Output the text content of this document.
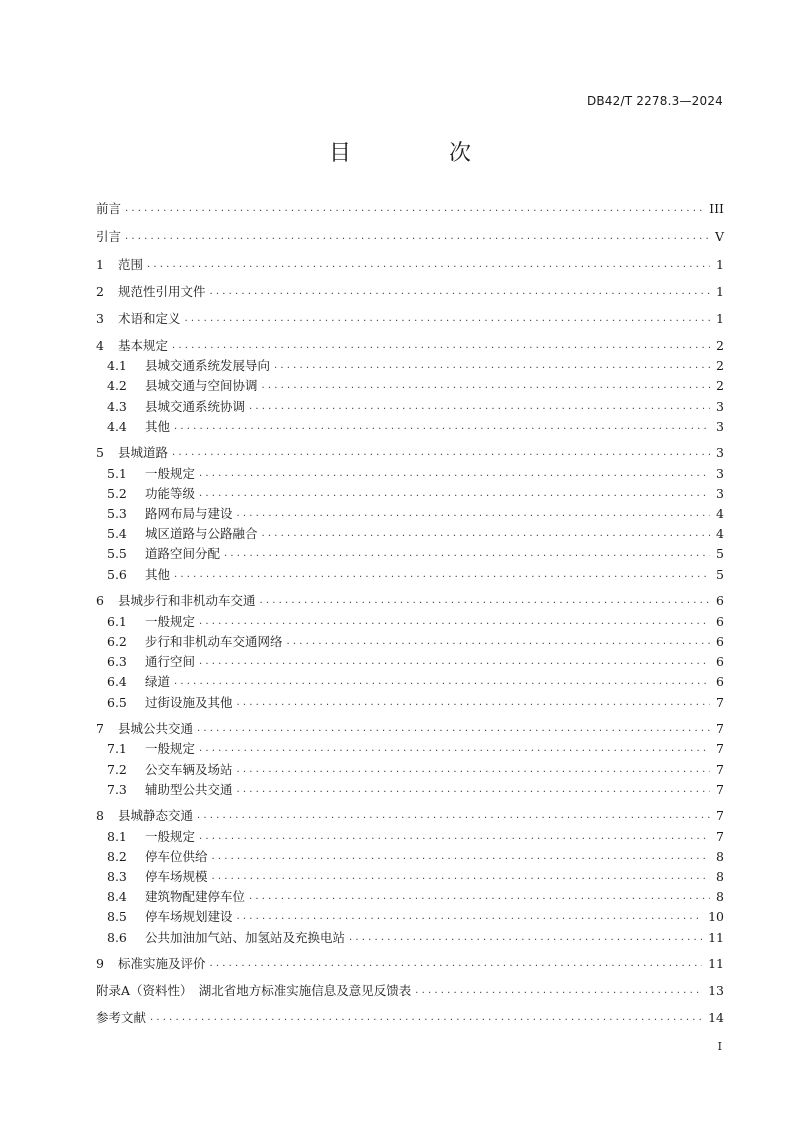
DB42/T 2278.3—2024
目　次
前言 .....	III
引言 .....	V
1	范围 .....	1
2	规范性引用文件 .....	1
3	术语和定义 .....	1
4	基本规定 .....	2
4.1	县城交通系统发展导向 .....	2
4.2	县城交通与空间协调 .....	2
4.3	县城交通系统协调 .....	3
4.4	其他 .....	3
5	县城道路 .....	3
5.1	一般规定 .....	3
5.2	功能等级 .....	3
5.3	路网布局与建设 .....	4
5.4	城区道路与公路融合 .....	4
5.5	道路空间分配 .....	5
5.6	其他 .....	5
6	县城步行和非机动车交通 .....	6
6.1	一般规定 .....	6
6.2	步行和非机动车交通网络 .....	6
6.3	通行空间 .....	6
6.4	绿道 .....	6
6.5	过街设施及其他 .....	7
7	县城公共交通 .....	7
7.1	一般规定 .....	7
7.2	公交车辆及场站 .....	7
7.3	辅助型公共交通 .....	7
8	县城静态交通 .....	7
8.1	一般规定 .....	7
8.2	停车位供给 .....	8
8.3	停车场规模 .....	8
8.4	建筑物配建停车位 .....	8
8.5	停车场规划建设 .....	10
8.6	公共加油加气站、加氢站及充换电站 .....	11
9	标准实施及评价 .....	11
附录A（资料性）　湖北省地方标准实施信息及意见反馈表 .....	13
参考文献 .....	14
I
